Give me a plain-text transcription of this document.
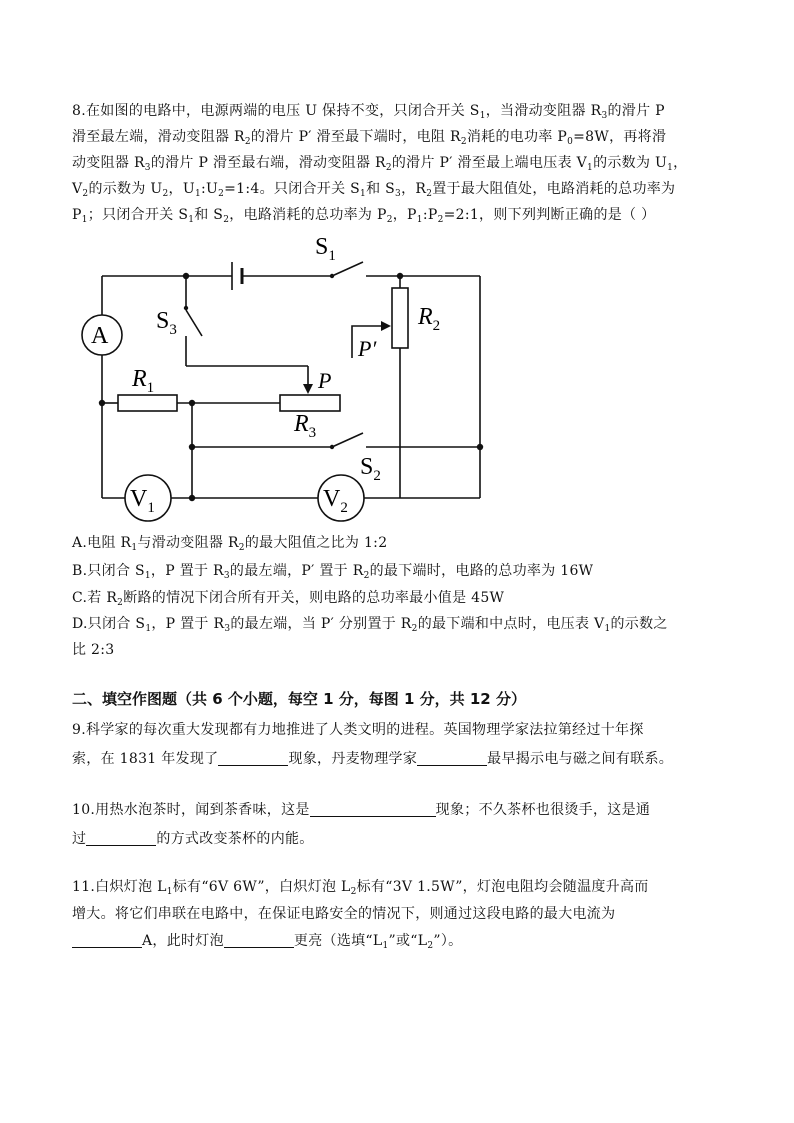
8.在如图的电路中，电源两端的电压 U 保持不变，只闭合开关 $S_1$，当滑动变阻器 $R_3$的滑片 P
滑至最左端，滑动变阻器 $R_2$的滑片 P′ 滑至最下端时，电阻 $R_2$消耗的电功率 $P_0=8W$，再将滑
动变阻器 $R_3$的滑片 P 滑至最右端，滑动变阻器 $R_2$的滑片 P′ 滑至最上端电压表 $V_1$的示数为 $U_1$，
$V_2$的示数为 $U_2$，$U_1:U_2=1:4$。只闭合开关 $S_1$和 $S_3$，$R_2$置于最大阻值处，电路消耗的总功率为
$P_1$；只闭合开关 $S_1$和 $S_2$，电路消耗的总功率为 $P_2$，$P_1:P_2=2:1$，则下列判断正确的是（ ）
A
$V_1$	$V_2$
$S_1$
$S_3$
$S_2$
$R_1$
$R_2$
$R_3$
P
P′
A.电阻 $R_1$与滑动变阻器 $R_2$的最大阻值之比为 1:2
B.只闭合 $S_1$，P 置于 $R_3$的最左端，P′ 置于 $R_2$的最下端时，电路的总功率为 16W
C.若 $R_2$断路的情况下闭合所有开关，则电路的总功率最小值是 45W
D.只闭合 $S_1$，P 置于 $R_3$的最左端，当 P′ 分别置于 $R_2$的最下端和中点时，电压表 $V_1$的示数之
比 2:3
二、填空作图题（共 6 个小题，每空 1 分，每图 1 分，共 12 分）
9.科学家的每次重大发现都有力地推进了人类文明的进程。英国物理学家法拉第经过十年探
索，在 1831 年发现了	现象，丹麦物理学家	最早揭示电与磁之间有联系。
10.用热水泡茶时，闻到茶香味，这是	现象；不久茶杯也很烫手，这是通
过	的方式改变茶杯的内能。
11.白炽灯泡 $L_1$标有“6V 6W”，白炽灯泡 $L_2$标有“3V 1.5W”，灯泡电阻均会随温度升高而
增大。将它们串联在电路中，在保证电路安全的情况下，则通过这段电路的最大电流为
A，此时灯泡	更亮（选填“$L_1$”或“$L_2$”）。
